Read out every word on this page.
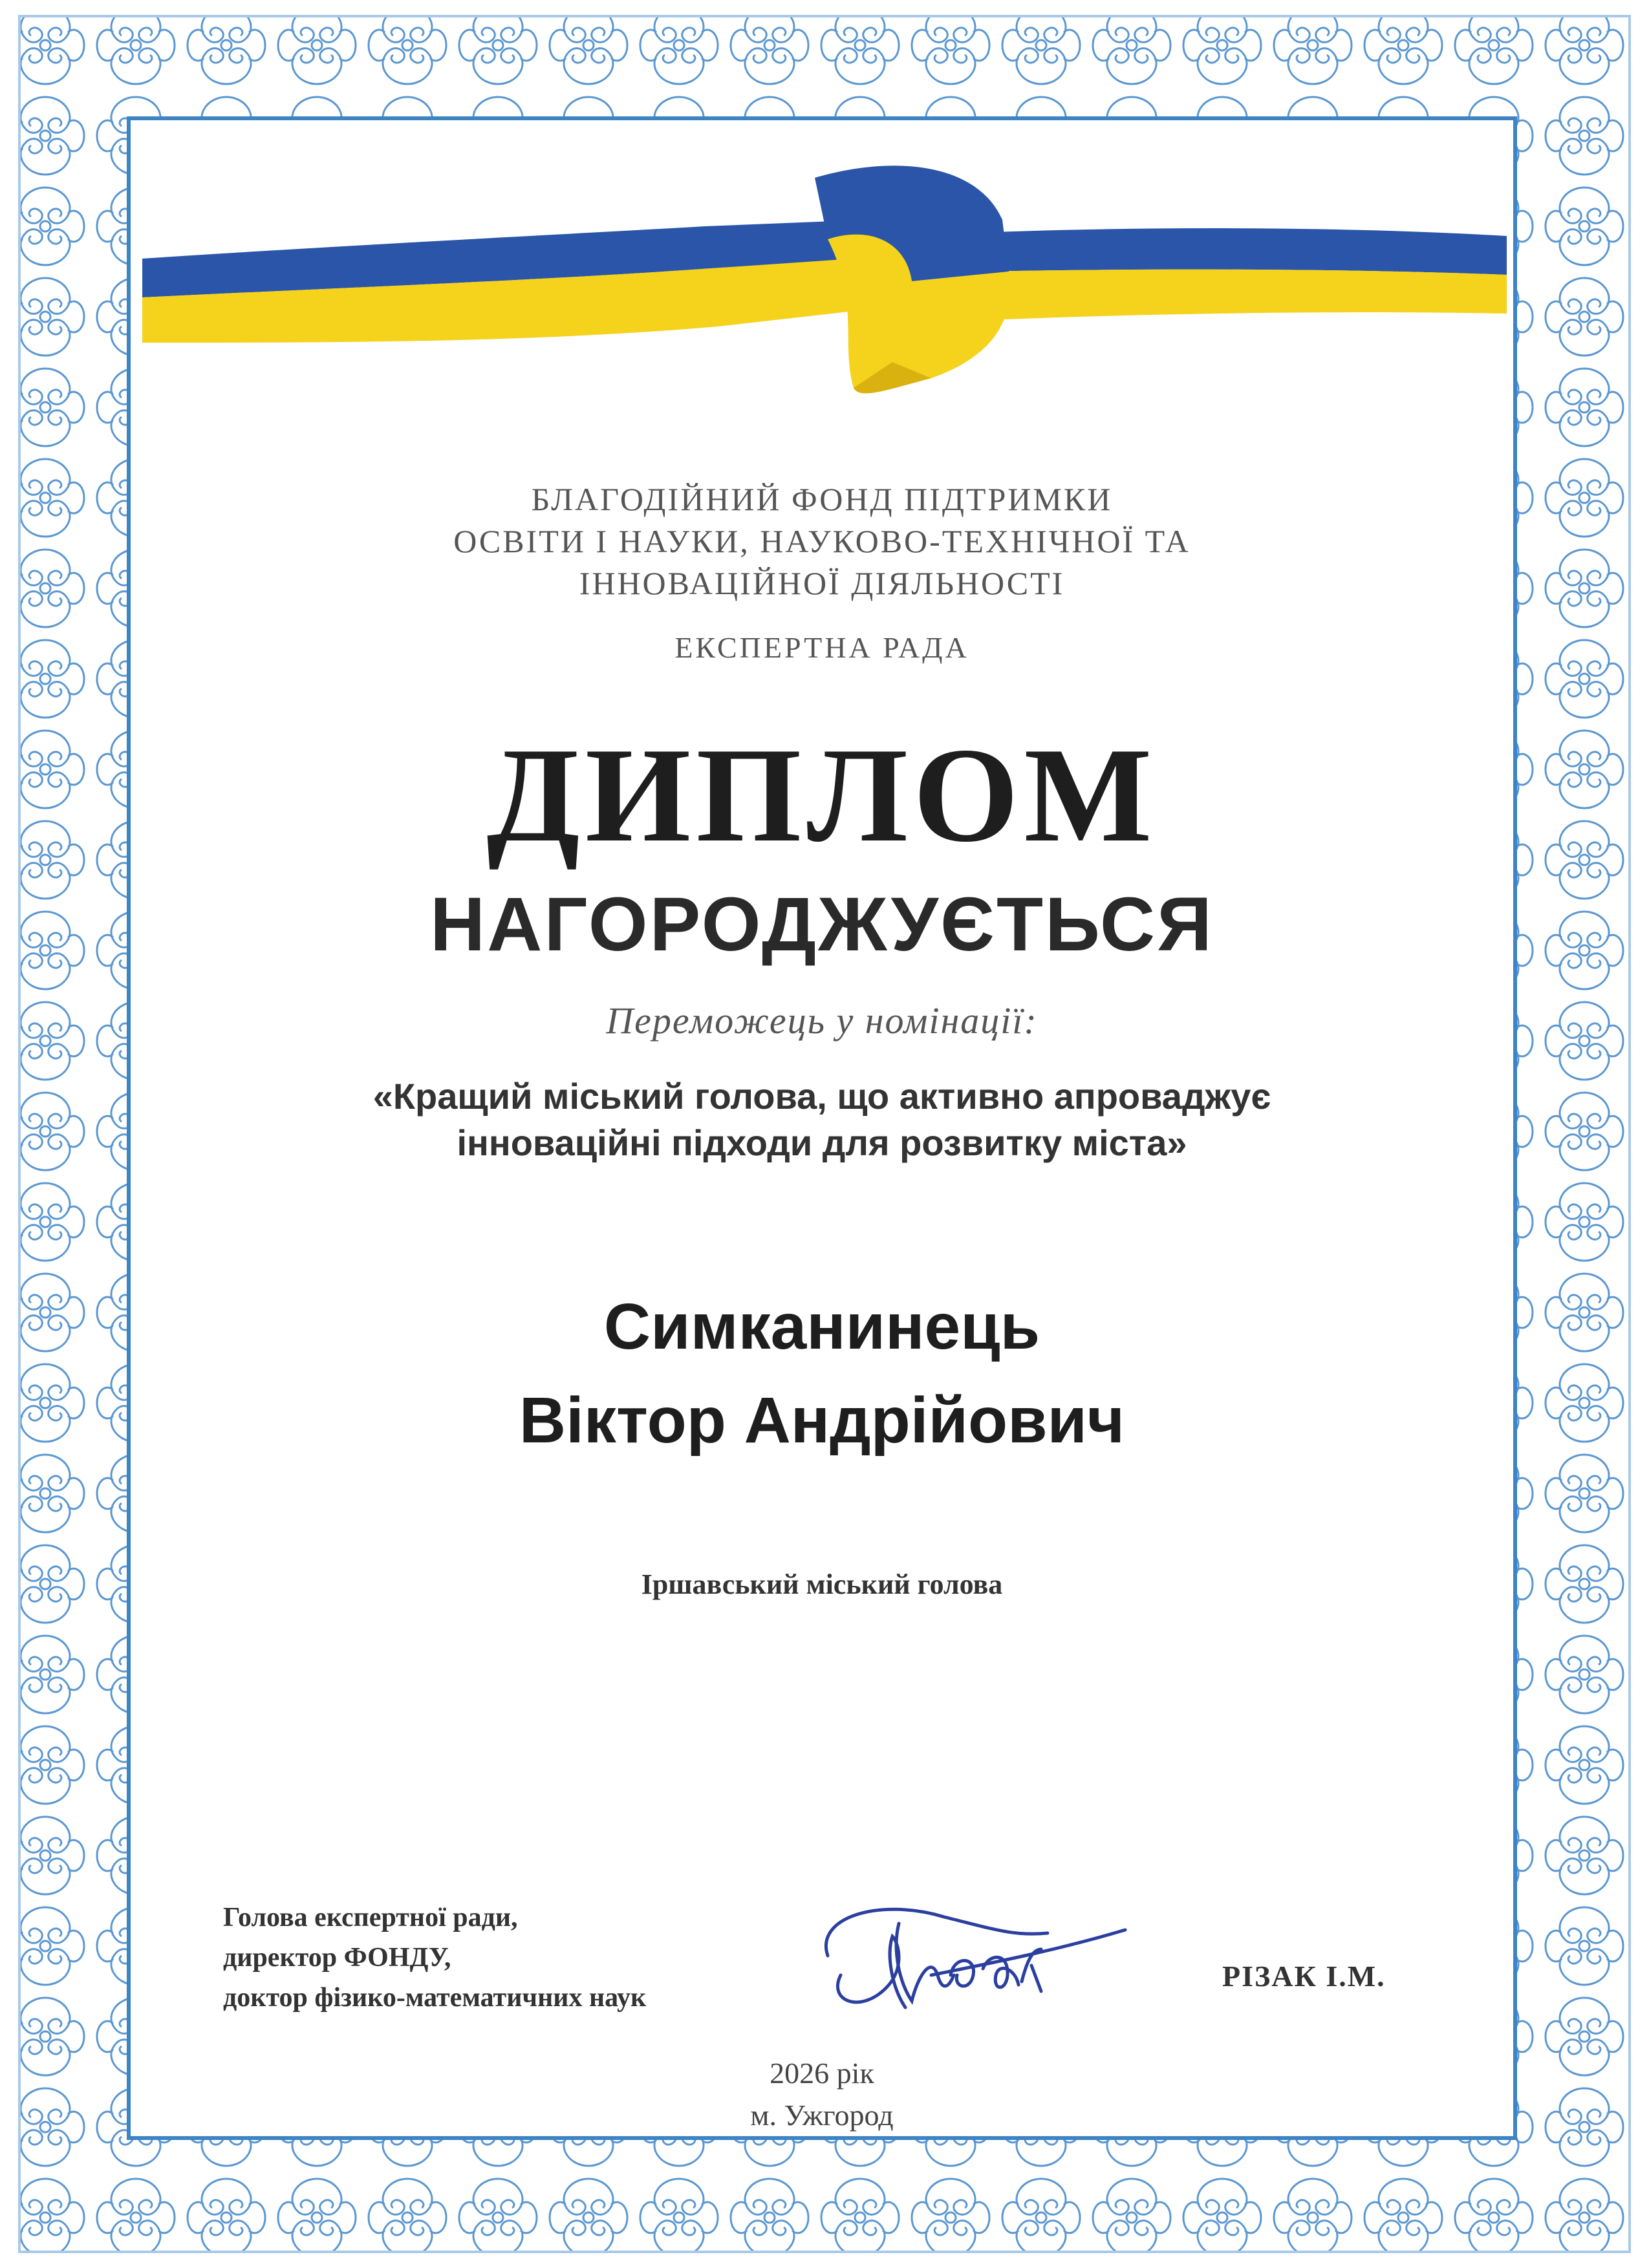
БЛАГОДІЙНИЙ ФОНД ПІДТРИМКИ
ОСВІТИ І НАУКИ, НАУКОВО-ТЕХНІЧНОЇ ТА
ІННОВАЦІЙНОЇ ДІЯЛЬНОСТІ
ЕКСПЕРТНА РАДА
ДИПЛОМ
НАГОРОДЖУЄТЬСЯ
Переможець у номінації:
«Кращий міський голова, що активно апроваджує
інноваційні підходи для розвитку міста»
Симканинець
Віктор Андрійович
Іршавський міський голова
Голова експертної ради,
директор ФОНДУ,
доктор фізико-математичних наук
РІЗАК І.М.
2026 рік
м. Ужгород
